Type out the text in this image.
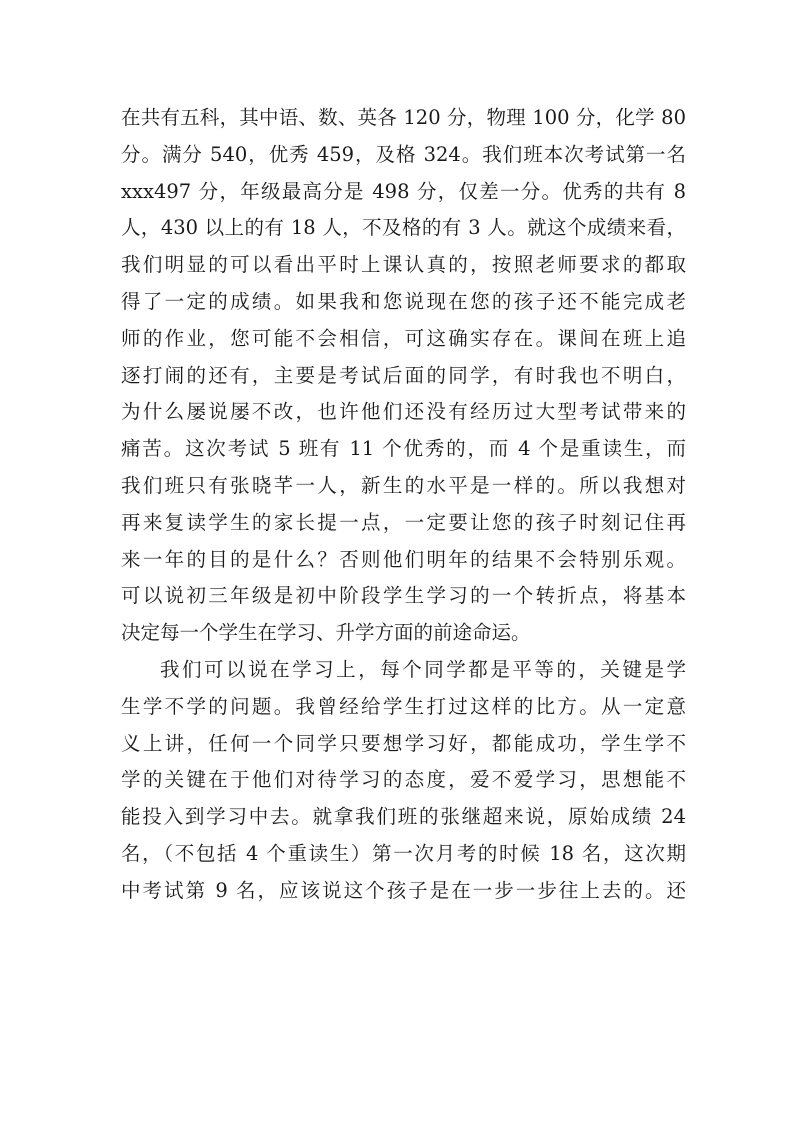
在共有五科，其中语、数、英各 120 分，物理 100 分，化学 80
分。满分 540，优秀 459，及格 324。我们班本次考试第一名
xxx497 分，年级最高分是 498 分，仅差一分。优秀的共有 8
人，430 以上的有 18 人，不及格的有 3 人。就这个成绩来看，
我们明显的可以看出平时上课认真的，按照老师要求的都取
得了一定的成绩。如果我和您说现在您的孩子还不能完成老
师的作业，您可能不会相信，可这确实存在。课间在班上追
逐打闹的还有，主要是考试后面的同学，有时我也不明白，
为什么屡说屡不改，也许他们还没有经历过大型考试带来的
痛苦。这次考试 5 班有 11 个优秀的，而 4 个是重读生，而
我们班只有张晓芊一人，新生的水平是一样的。所以我想对
再来复读学生的家长提一点，一定要让您的孩子时刻记住再
来一年的目的是什么？否则他们明年的结果不会特别乐观。
可以说初三年级是初中阶段学生学习的一个转折点，将基本
决定每一个学生在学习、升学方面的前途命运。
我们可以说在学习上，每个同学都是平等的，关键是学
生学不学的问题。我曾经给学生打过这样的比方。从一定意
义上讲，任何一个同学只要想学习好，都能成功，学生学不
学的关键在于他们对待学习的态度，爱不爱学习，思想能不
能投入到学习中去。就拿我们班的张继超来说，原始成绩 24
名，（不包括 4 个重读生）第一次月考的时候 18 名，这次期
中考试第 9 名，应该说这个孩子是在一步一步往上去的。还
